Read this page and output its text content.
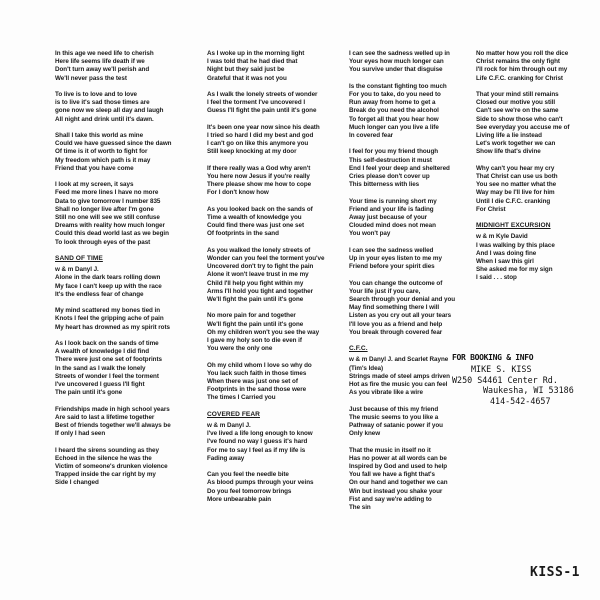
In this age we need life to cherish
Here life seems life death if we
Don't turn away we'll perish and
We'll never pass the test
To live is to love and to love
is to live it's sad those times are
gone now we sleep all day and laugh
All night and drink until it's dawn.
Shall I take this world as mine
Could we have guessed since the dawn
Of time is it of worth to fight for
My freedom which path is it may
Friend that you have come
I look at my screen, it says
Feed me more lines I have no more
Data to give tomorrow I number 835
Shall no longer live after I'm gone
Still no one will see we still confuse
Dreams with reality how much longer
Could this dead world last as we begin
To look through eyes of the past
SAND OF TIME
w & m Danyl J.
Alone in the dark tears rolling down
My face I can't keep up with the race
It's the endless fear of change
My mind scattered my bones tied in
Knots I feel the gripping ache of pain
My heart has drowned as my spirit rots
As I look back on the sands of time
A wealth of knowledge I did find
There were just one set of footprints
In the sand as I walk the lonely
Streets of wonder I feel the torment
I've uncovered I guess I'll fight
The pain until it's gone
Friendships made in high school years
Are said to last a lifetime together
Best of friends together we'll always be
If only I had seen
I heard the sirens sounding as they
Echoed in the silence he was the
Victim of someone's drunken violence
Trapped inside the car right by my
Side I changed
As I woke up in the morning light
I was told that he had died that
Night but they said just be
Grateful that it was not you
As I walk the lonely streets of wonder
I feel the torment I've uncovered I
Guess I'll fight the pain until it's gone
It's been one year now since his death
I tried so hard I did my best and god
I can't go on like this anymore you
Still keep knocking at my door
If there really was a God why aren't
You here now Jesus if you're really
There please show me how to cope
For I don't know how
As you looked back on the sands of
Time a wealth of knowledge you
Could find there was just one set
Of footprints in the sand
As you walked the lonely streets of
Wonder can you feel the torment you've
Uncovered don't try to fight the pain
Alone it won't leave trust in me my
Child I'll help you fight within my
Arms I'll hold you tight and together
We'll fight the pain until it's gone
No more pain for and together
We'll fight the pain until it's gone
Oh my children won't you see the way
I gave my holy son to die even if
You were the only one
Oh my child whom I love so why do
You lack such faith in those times
When there was just one set of
Footprints in the sand those were
The times I Carried you
COVERED FEAR
w & m Danyl J.
I've lived a life long enough to know
I've found no way I guess it's hard
For me to say I feel as if my life is
Fading away
Can you feel the needle bite
As blood pumps through your veins
Do you feel tomorrow brings
More unbearable pain
I can see the sadness welled up in
Your eyes how much longer can
You survive under that disguise
Is the constant fighting too much
For you to take, do you need to
Run away from home to get a
Break do you need the alcohol
To forget all that you hear how
Much longer can you live a life
In covered fear
I feel for you my friend though
This self-destruction it must
End I feel your deep and sheltered
Cries please don't cover up
This bitterness with lies
Your time is running short my
Friend and your life is fading
Away just because of your
Clouded mind does not mean
You won't pay
I can see the sadness welled
Up in your eyes listen to me my
Friend before your spirit dies
You can change the outcome of
Your life just if you care,
Search through your denial and you
May find something there I will
Listen as you cry out all your tears
I'll love you as a friend and help
You break through covered fear
C.F.C.
w & m Danyl J. and Scarlet Rayne
(Tim's Idea)
Strings made of steel amps driven
Hot as fire the music you can feel
As you vibrate like a wire
Just because of this my friend
The music seems to you like a
Pathway of satanic power if you
Only knew
That the music in itself no it
Has no power at all words can be
Inspired by God and used to help
You fall we have a fight that's
On our hand and together we can
Win but instead you shake your
Fist and say we're adding to
The sin
No matter how you roll the dice
Christ remains the only fight
I'll rock for him through out my
Life C.F.C. cranking for Christ
That your mind still remains
Closed our motive you still
Can't see we're on the same
Side to show those who can't
See everyday you accuse me of
Living life a lie instead
Let's work together we can
Show life that's divine
Why can't you hear my cry
That Christ can use us both
You see no matter what the
Way may be I'll live for him
Until I die C.F.C. cranking
For Christ
MIDNIGHT EXCURSION
w & m Kyle David
I was walking by this place
And I was doing fine
When I saw this girl
She asked me for my sign
I said . . . stop
FOR BOOKING & INFO
MIKE S. KISS
W250 S4461 Center Rd.
Waukesha, WI 53186
414-542-4657
KISS-1
